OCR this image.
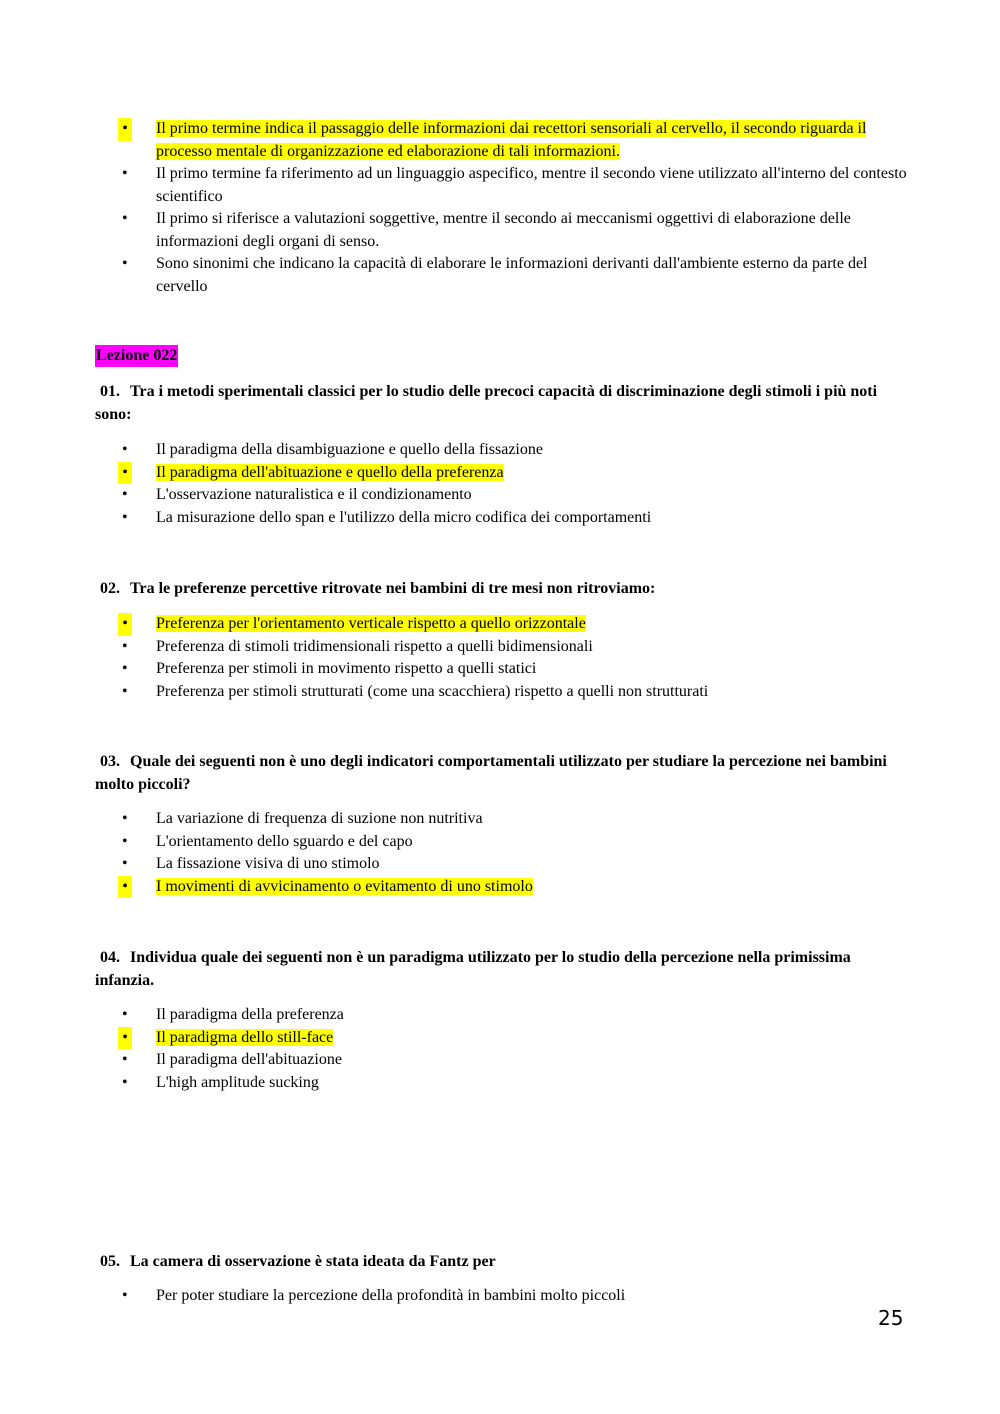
• Il primo termine indica il passaggio delle informazioni dai recettori sensoriali al cervello, il secondo riguarda il processo mentale di organizzazione ed elaborazione di tali informazioni.
•	Il primo termine fa riferimento ad un linguaggio aspecifico, mentre il secondo viene utilizzato all'interno del contesto scientifico
•	Il primo si riferisce a valutazioni soggettive, mentre il secondo ai meccanismi oggettivi di elaborazione delle informazioni degli organi di senso.
•	Sono sinonimi che indicano la capacità di elaborare le informazioni derivanti dall'ambiente esterno da parte del cervello
Lezione 022
01. Tra i metodi sperimentali classici per lo studio delle precoci capacità di discriminazione degli stimoli i più noti sono:
•	Il paradigma della disambiguazione e quello della fissazione
• Il paradigma dell'abituazione e quello della preferenza
•	L'osservazione naturalistica e il condizionamento
•	La misurazione dello span e l'utilizzo della micro codifica dei comportamenti
02. Tra le preferenze percettive ritrovate nei bambini di tre mesi non ritroviamo:
• Preferenza per l'orientamento verticale rispetto a quello orizzontale
•	Preferenza di stimoli tridimensionali rispetto a quelli bidimensionali
•	Preferenza per stimoli in movimento rispetto a quelli statici
•	Preferenza per stimoli strutturati (come una scacchiera) rispetto a quelli non strutturati
03. Quale dei seguenti non è uno degli indicatori comportamentali utilizzato per studiare la percezione nei bambini molto piccoli?
•	La variazione di frequenza di suzione non nutritiva
•	L'orientamento dello sguardo e del capo
•	La fissazione visiva di uno stimolo
• I movimenti di avvicinamento o evitamento di uno stimolo
04. Individua quale dei seguenti non è un paradigma utilizzato per lo studio della percezione nella primissima infanzia.
•	Il paradigma della preferenza
• Il paradigma dello still-face
•	Il paradigma dell'abituazione
•	L'high amplitude sucking
05. La camera di osservazione è stata ideata da Fantz per
•	Per poter studiare la percezione della profondità in bambini molto piccoli
25
